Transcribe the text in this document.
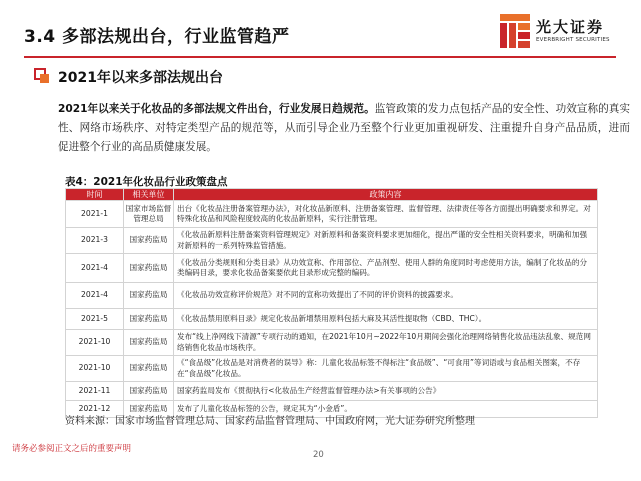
3.4 多部法规出台，行业监管趋严	光大证券
EVERBRIGHT SECURITIES
2021年以来多部法规出台

2021年以来关于化妆品的多部法规文件出台，行业发展日趋规范。监管政策的发力点包括产品的安全性、功效宣称的真实性、网络市场秩序、对特定类型产品的规范等，从而引导企业乃至整个行业更加重视研发、注重提升自身产品品质，进而促进整个行业的高品质健康发展。

表4：2021年化妆品行业政策盘点
时间	相关单位	政策内容
2021-1	国家市场监督管理总局	出台《化妆品注册备案管理办法》，对化妆品新原料、注册备案管理、监督管理、法律责任等各方面提出明确要求和界定。对特殊化妆品和风险程度较高的化妆品新原料，实行注册管理。
2021-3	国家药监局	《化妆品新原料注册备案资料管理规定》对新原料和备案资料要求更加细化，提出严谨的安全性相关资料要求，明确和加强对新原料的一系列特殊监管措施。
2021-4	国家药监局	《化妆品分类规则和分类目录》从功效宣称、作用部位、产品剂型、使用人群的角度同时考虑使用方法，编制了化妆品的分类编码目录，要求化妆品备案要依此目录形成完整的编码。
2021-4	国家药监局	《化妆品功效宣称评价规范》对不同的宣称功效提出了不同的评价资料的披露要求。
2021-5	国家药监局	《化妆品禁用原料目录》规定化妆品新增禁用原料包括大麻及其活性提取物（CBD、THC）。
2021-10	国家药监局	发布“线上净网线下清源”专项行动的通知，在2021年10月~2022年10月期间会强化治理网络销售化妆品违法乱象、规范网络销售化妆品市场秩序。
2021-10	国家药监局	《“食品级”化妆品是对消费者的误导》称：儿童化妆品标签不得标注“食品级”、“可食用”等词语或与食品相关图案，不存在“食品级”化妆品。
2021-11	国家药监局	国家药监局发布《贯彻执行<化妆品生产经营监督管理办法>有关事项的公告》
2021-12	国家药监局	发布了儿童化妆品标签的公告，规定其为“小金盾”。
资料来源：国家市场监督管理总局、国家药品监督管理局、中国政府网，光大证券研究所整理
请务必参阅正文之后的重要声明
20
